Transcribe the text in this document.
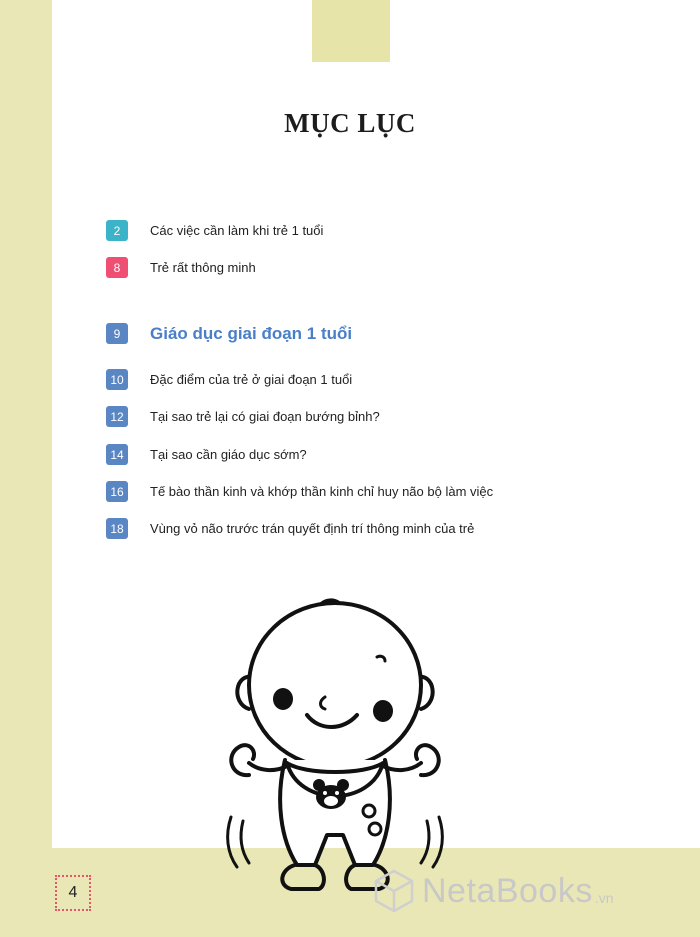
MỤC LỤC
2	Các việc cần làm khi trẻ 1 tuổi
8	Trẻ rất thông minh
9	Giáo dục giai đoạn 1 tuổi
10	Đặc điểm của trẻ ở giai đoạn 1 tuổi
12	Tại sao trẻ lại có giai đoạn bướng bỉnh?
14	Tại sao cần giáo dục sớm?
16	Tế bào thần kinh và khớp thần kinh chỉ huy não bộ làm việc
18	Vùng vỏ não trước trán quyết định trí thông minh của trẻ
4	NetaBooks .vn
